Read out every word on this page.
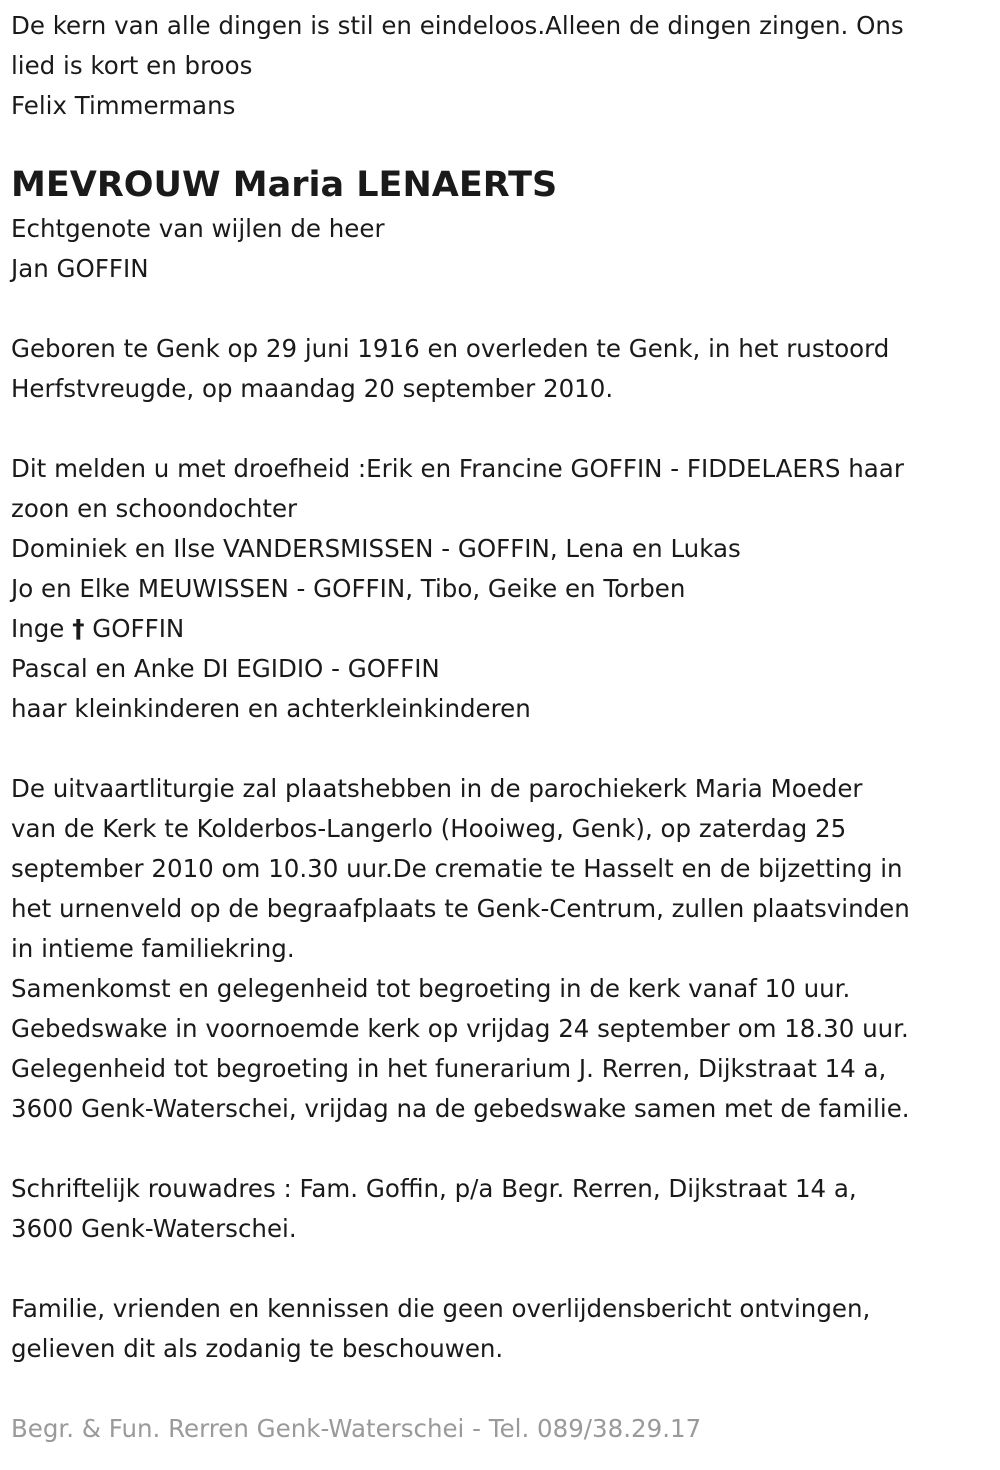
De kern van alle dingen is stil en eindeloos.Alleen de dingen zingen. Ons
lied is kort en broos
Felix Timmermans
MEVROUW Maria LENAERTS
Echtgenote van wijlen de heer
Jan GOFFIN
Geboren te Genk op 29 juni 1916 en overleden te Genk, in het rustoord
Herfstvreugde, op maandag 20 september 2010.
Dit melden u met droefheid :Erik en Francine GOFFIN - FIDDELAERS haar
zoon en schoondochter
Dominiek en Ilse VANDERSMISSEN - GOFFIN, Lena en Lukas
Jo en Elke MEUWISSEN - GOFFIN, Tibo, Geike en Torben
Inge † GOFFIN
Pascal en Anke DI EGIDIO - GOFFIN
haar kleinkinderen en achterkleinkinderen
De uitvaartliturgie zal plaatshebben in de parochiekerk Maria Moeder
van de Kerk te Kolderbos-Langerlo (Hooiweg, Genk), op zaterdag 25
september 2010 om 10.30 uur.De crematie te Hasselt en de bijzetting in
het urnenveld op de begraafplaats te Genk-Centrum, zullen plaatsvinden
in intieme familiekring.
Samenkomst en gelegenheid tot begroeting in de kerk vanaf 10 uur.
Gebedswake in voornoemde kerk op vrijdag 24 september om 18.30 uur.
Gelegenheid tot begroeting in het funerarium J. Rerren, Dijkstraat 14 a,
3600 Genk-Waterschei, vrijdag na de gebedswake samen met de familie.
Schriftelijk rouwadres : Fam. Goffin, p/a Begr. Rerren, Dijkstraat 14 a,
3600 Genk-Waterschei.
Familie, vrienden en kennissen die geen overlijdensbericht ontvingen,
gelieven dit als zodanig te beschouwen.
Begr. & Fun. Rerren Genk-Waterschei - Tel. 089/38.29.17
